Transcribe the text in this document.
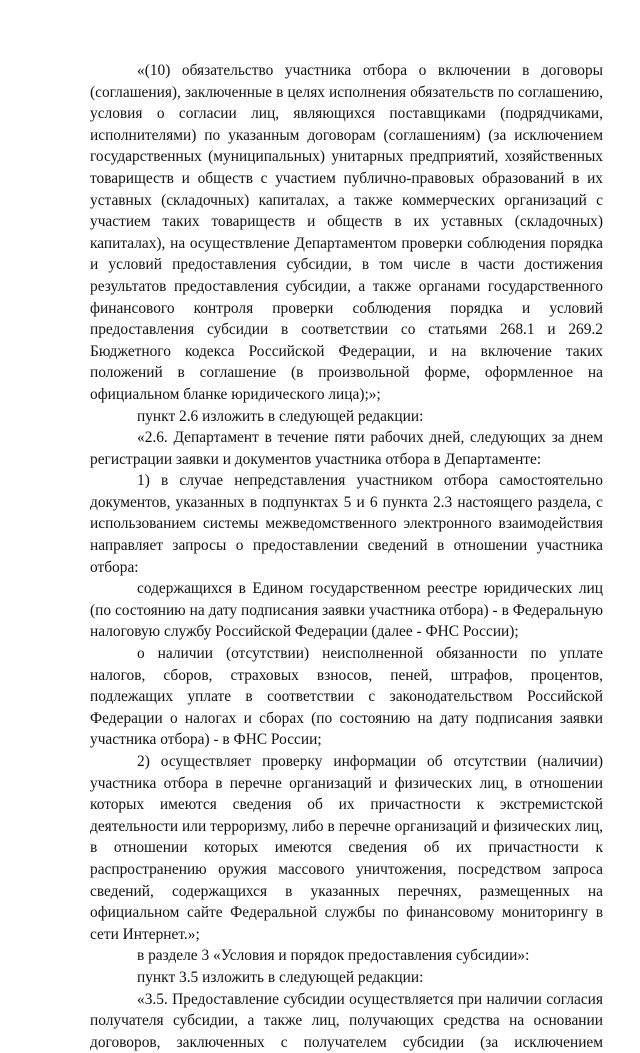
«(10) обязательство участника отбора о включении в договоры (соглашения), заключенные в целях исполнения обязательств по соглашению, условия о согласии лиц, являющихся поставщиками (подрядчиками, исполнителями) по указанным договорам (соглашениям) (за исключением государственных (муниципальных) унитарных предприятий, хозяйственных товариществ и обществ с участием публично-правовых образований в их уставных (складочных) капиталах, а также коммерческих организаций с участием таких товариществ и обществ в их уставных (складочных) капиталах), на осуществление Департаментом проверки соблюдения порядка и условий предоставления субсидии, в том числе в части достижения результатов предоставления субсидии, а также органами государственного финансового контроля проверки соблюдения порядка и условий предоставления субсидии в соответствии со статьями 268.1 и 269.2 Бюджетного кодекса Российской Федерации, и на включение таких положений в соглашение (в произвольной форме, оформленное на официальном бланке юридического лица);»;

пункт 2.6 изложить в следующей редакции:

«2.6. Департамент в течение пяти рабочих дней, следующих за днем регистрации заявки и документов участника отбора в Департаменте:

1) в случае непредставления участником отбора самостоятельно документов, указанных в подпунктах 5 и 6 пункта 2.3 настоящего раздела, с использованием системы межведомственного электронного взаимодействия направляет запросы о предоставлении сведений в отношении участника отбора:

содержащихся в Едином государственном реестре юридических лиц (по состоянию на дату подписания заявки участника отбора) - в Федеральную налоговую службу Российской Федерации (далее - ФНС России);

о наличии (отсутствии) неисполненной обязанности по уплате налогов, сборов, страховых взносов, пеней, штрафов, процентов, подлежащих уплате в соответствии с законодательством Российской Федерации о налогах и сборах (по состоянию на дату подписания заявки участника отбора) - в ФНС России;

2) осуществляет проверку информации об отсутствии (наличии) участника отбора в перечне организаций и физических лиц, в отношении которых имеются сведения об их причастности к экстремистской деятельности или терроризму, либо в перечне организаций и физических лиц, в отношении которых имеются сведения об их причастности к распространению оружия массового уничтожения, посредством запроса сведений, содержащихся в указанных перечнях, размещенных на официальном сайте Федеральной службы по финансовому мониторингу в сети Интернет.»;

в разделе 3 «Условия и порядок предоставления субсидии»:

пункт 3.5 изложить в следующей редакции:

«3.5. Предоставление субсидии осуществляется при наличии согласия получателя субсидии, а также лиц, получающих средства на основании договоров, заключенных с получателем субсидии (за исключением
